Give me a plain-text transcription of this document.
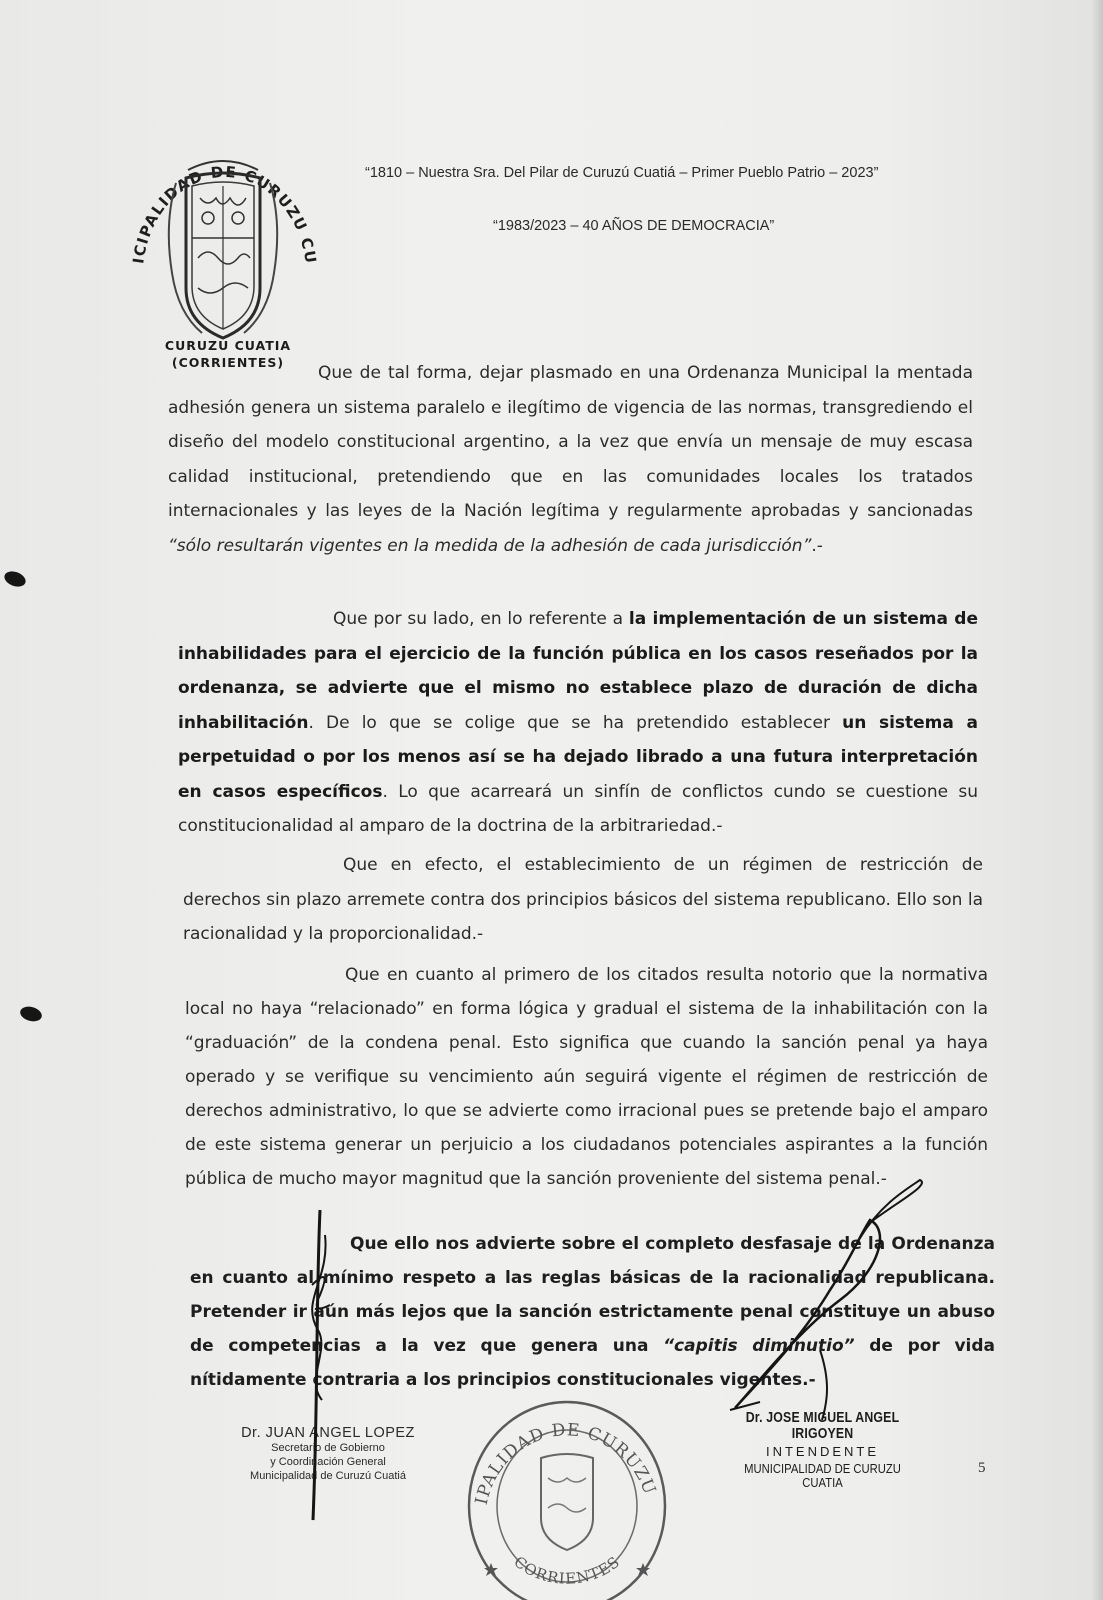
ICIPALIDAD DE CURUZU CU
CURUZU CUATIA
(CORRIENTES)
“1810 – Nuestra Sra. Del Pilar de Curuzú Cuatiá – Primer Pueblo Patrio – 2023”
“1983/2023 – 40 AÑOS DE DEMOCRACIA”
Que de tal forma, dejar plasmado en una Ordenanza Municipal la mentada adhesión genera un sistema paralelo e ilegítimo de vigencia de las normas, transgrediendo el diseño del modelo constitucional argentino, a la vez que envía un mensaje de muy escasa calidad institucional, pretendiendo que en las comunidades locales los tratados internacionales y las leyes de la Nación legítima y regularmente aprobadas y sancionadas “sólo resultarán vigentes en la medida de la adhesión de cada jurisdicción”.-
Que por su lado, en lo referente a la implementación de un sistema de inhabilidades para el ejercicio de la función pública en los casos reseñados por la ordenanza, se advierte que el mismo no establece plazo de duración de dicha inhabilitación. De lo que se colige que se ha pretendido establecer un sistema a perpetuidad o por los menos así se ha dejado librado a una futura interpretación en casos específicos. Lo que acarreará un sinfín de conflictos cundo se cuestione su constitucionalidad al amparo de la doctrina de la arbitrariedad.-
Que en efecto, el establecimiento de un régimen de restricción de derechos sin plazo arremete contra dos principios básicos del sistema republicano. Ello son la racionalidad y la proporcionalidad.-
Que en cuanto al primero de los citados resulta notorio que la normativa local no haya “relacionado” en forma lógica y gradual el sistema de la inhabilitación con la “graduación” de la condena penal. Esto significa que cuando la sanción penal ya haya operado y se verifique su vencimiento aún seguirá vigente el régimen de restricción de derechos administrativo, lo que se advierte como irracional pues se pretende bajo el amparo de este sistema generar un perjuicio a los ciudadanos potenciales aspirantes a la función pública de mucho mayor magnitud que la sanción proveniente del sistema penal.-
Que ello nos advierte sobre el completo desfasaje de la Ordenanza en cuanto al mínimo respeto a las reglas básicas de la racionalidad republicana. Pretender ir aún más lejos que la sanción estrictamente penal constituye un abuso de competencias a la vez que genera una “capitis diminutio” de por vida nítidamente contraria a los principios constitucionales vigentes.-
Dr. JUAN ANGEL LOPEZ
Secretario de Gobierno
y Coordinación General
Municipalidad de Curuzú Cuatiá
IPALIDAD DE CURUZU
CORRIENTES
Dr. JOSE MIGUEL ANGEL IRIGOYEN
INTENDENTE
MUNICIPALIDAD DE CURUZU CUATIA
5
